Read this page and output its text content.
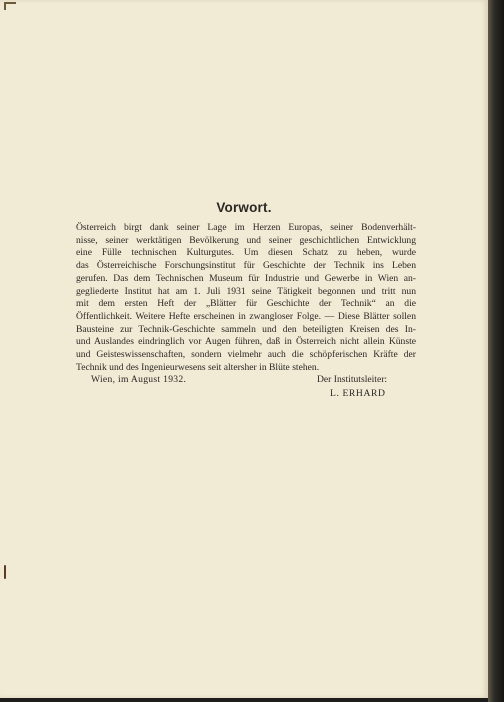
Vorwort.

Österreich birgt dank seiner Lage im Herzen Europas, seiner Bodenverhält-
nisse, seiner werktätigen Bevölkerung und seiner geschichtlichen Entwicklung
eine Fülle technischen Kulturgutes. Um diesen Schatz zu heben, wurde
das Österreichische Forschungsinstitut für Geschichte der Technik ins Leben
gerufen. Das dem Technischen Museum für Industrie und Gewerbe in Wien an-
gegliederte Institut hat am 1. Juli 1931 seine Tätigkeit begonnen und tritt nun
mit dem ersten Heft der „Blätter für Geschichte der Technik“ an die
Öffentlichkeit. Weitere Hefte erscheinen in zwangloser Folge. — Diese Blätter sollen
Bausteine zur Technik-Geschichte sammeln und den beteiligten Kreisen des In-
und Auslandes eindringlich vor Augen führen, daß in Österreich nicht allein Künste
und Geisteswissenschaften, sondern vielmehr auch die schöpferischen Kräfte der
Technik und des Ingenieurwesens seit altersher in Blüte stehen.

Wien, im August 1932.	Der Institutsleiter:
L. ERHARD
